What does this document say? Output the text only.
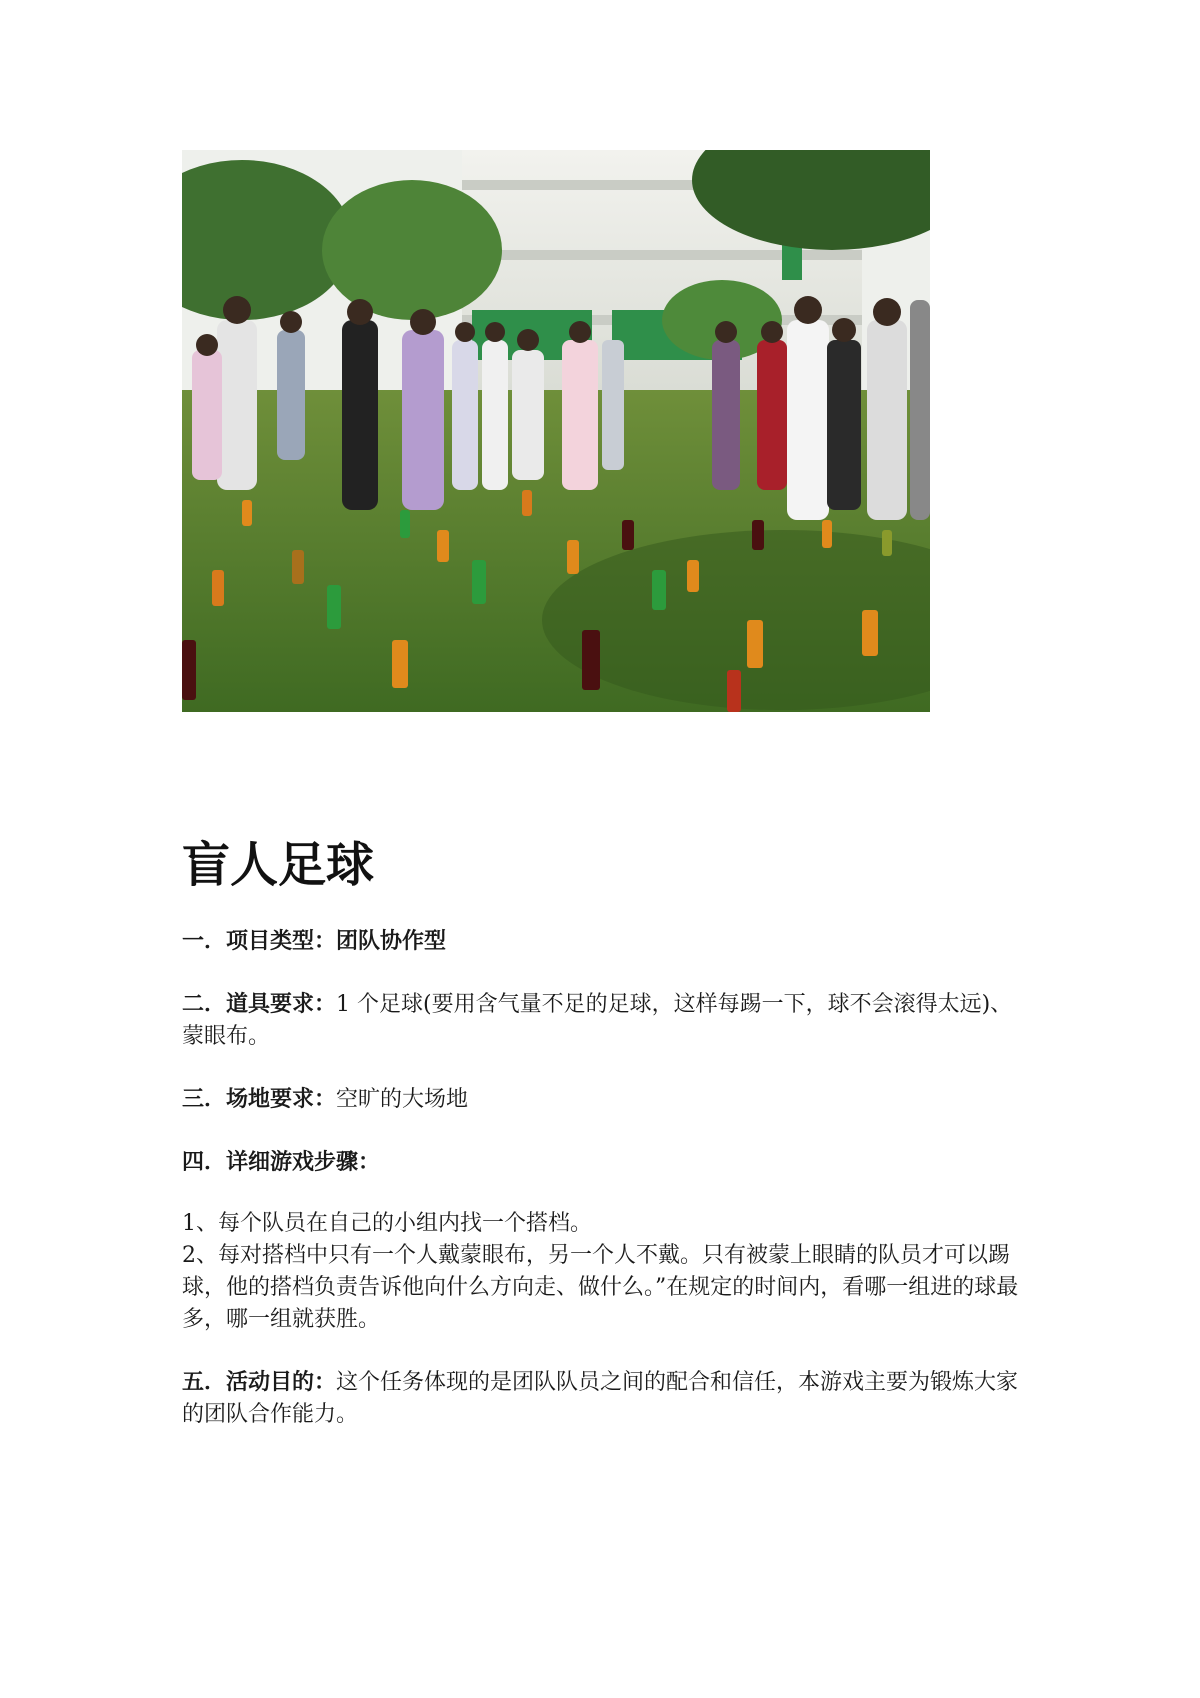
盲人足球

一．项目类型：团队协作型

二．道具要求：1 个足球(要用含气量不足的足球，这样每踢一下，球不会滚得太远)、蒙眼布。

三．场地要求：空旷的大场地

四．详细游戏步骤：

1、每个队员在自己的小组内找一个搭档。

2、每对搭档中只有一个人戴蒙眼布，另一个人不戴。只有被蒙上眼睛的队员才可以踢球，他的搭档负责告诉他向什么方向走、做什么。”在规定的时间内，看哪一组进的球最多，哪一组就获胜。

五．活动目的：这个任务体现的是团队队员之间的配合和信任，本游戏主要为锻炼大家的团队合作能力。
